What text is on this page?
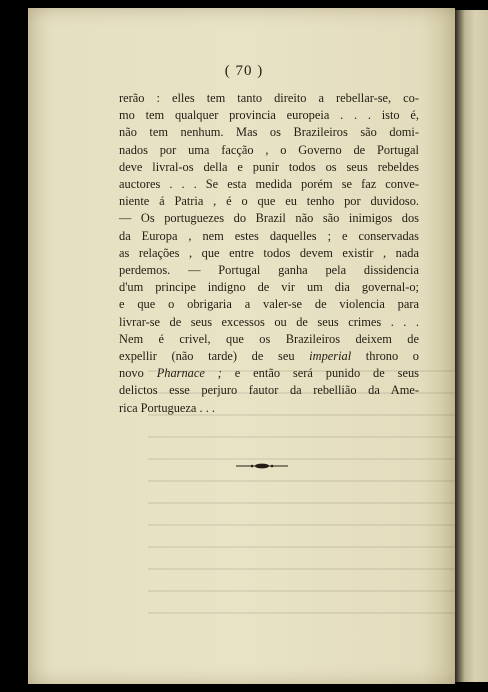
( 70 )
rerão : elles tem tanto direito a rebellar-se, co-
mo tem qualquer provincia europeia . . . isto é,
não tem nenhum. Mas os Brazileiros são domi-
nados por uma facção , o Governo de Portugal
deve livral-os della e punir todos os seus rebeldes
auctores . . . Se esta medida porém se faz conve-
niente á Patria , é o que eu tenho por duvidoso.
— Os portuguezes do Brazil não são inimigos dos
da Europa , nem estes daquelles ; e conservadas
as relações , que entre todos devem existir , nada
perdemos. — Portugal ganha pela dissidencia
d'um principe indigno de vir um dia governal-o;
e que o obrigaria a valer-se de violencia para
livrar-se de seus excessos ou de seus crimes . . .
Nem é crivel, que os Brazileiros deixem de
expellir (não tarde) de seu imperial throno o
novo Pharnace ; e então será punido de seus
delictos esse perjuro fautor da rebellião da Ame-
rica Portugueza . . .
